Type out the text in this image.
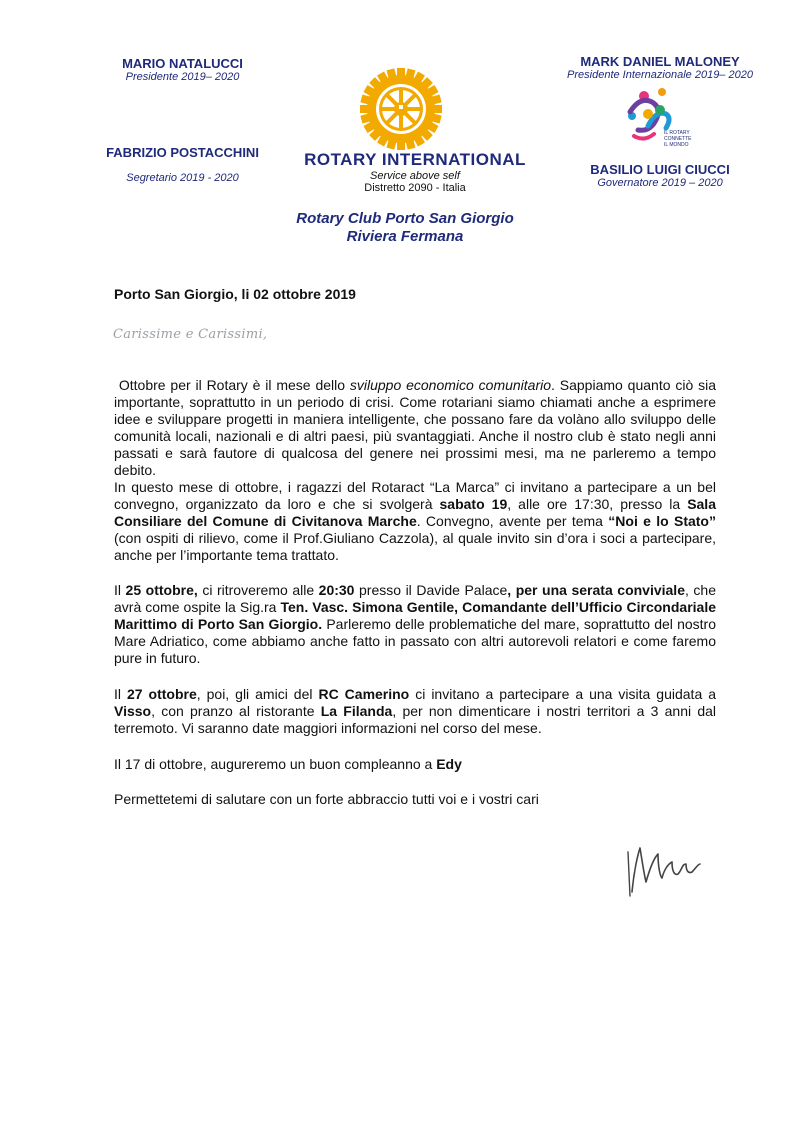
MARIO NATALUCCI
Presidente 2019– 2020
FABRIZIO POSTACCHINI
Segretario 2019 - 2020
MARK DANIEL MALONEY
Presidente Internazionale 2019– 2020
IL ROTARY
CONNETTE
IL MONDO
BASILIO LUIGI CIUCCI
Governatore 2019 – 2020
ROTARY INTERNATIONAL
Service above self
Distretto 2090 - Italia
Rotary Club Porto San Giorgio
Riviera Fermana
Porto San Giorgio, li 02 ottobre 2019
Carissime e Carissimi,
Ottobre per il Rotary è il mese dello sviluppo economico comunitario. Sappiamo quanto ciò sia importante, soprattutto in un periodo di crisi. Come rotariani siamo chiamati anche a esprimere idee e sviluppare progetti in maniera intelligente, che possano fare da volàno allo sviluppo delle comunità locali, nazionali e di altri paesi, più svantaggiati. Anche il nostro club è stato negli anni passati e sarà fautore di qualcosa del genere nei prossimi mesi, ma ne parleremo a tempo debito.
In questo mese di ottobre, i ragazzi del Rotaract “La Marca” ci invitano a partecipare a un bel convegno, organizzato da loro e che si svolgerà sabato 19, alle ore 17:30, presso la Sala Consiliare del Comune di Civitanova Marche. Convegno, avente per tema “Noi e lo Stato” (con ospiti di rilievo, come il Prof.Giuliano Cazzola), al quale invito sin d’ora i soci a partecipare, anche per l’importante tema trattato.
Il 25 ottobre, ci ritroveremo alle 20:30 presso il Davide Palace, per una serata conviviale, che avrà come ospite la Sig.ra Ten. Vasc. Simona Gentile, Comandante dell’Ufficio Circondariale Marittimo di Porto San Giorgio. Parleremo delle problematiche del mare, soprattutto del nostro Mare Adriatico, come abbiamo anche fatto in passato con altri autorevoli relatori e come faremo pure in futuro.
Il 27 ottobre, poi, gli amici del RC Camerino ci invitano a partecipare a una visita guidata a Visso, con pranzo al ristorante La Filanda, per non dimenticare i nostri territori a 3 anni dal terremoto. Vi saranno date maggiori informazioni nel corso del mese.
Il 17 di ottobre, augureremo un buon compleanno a Edy
Permettetemi di salutare con un forte abbraccio tutti voi e i vostri cari
